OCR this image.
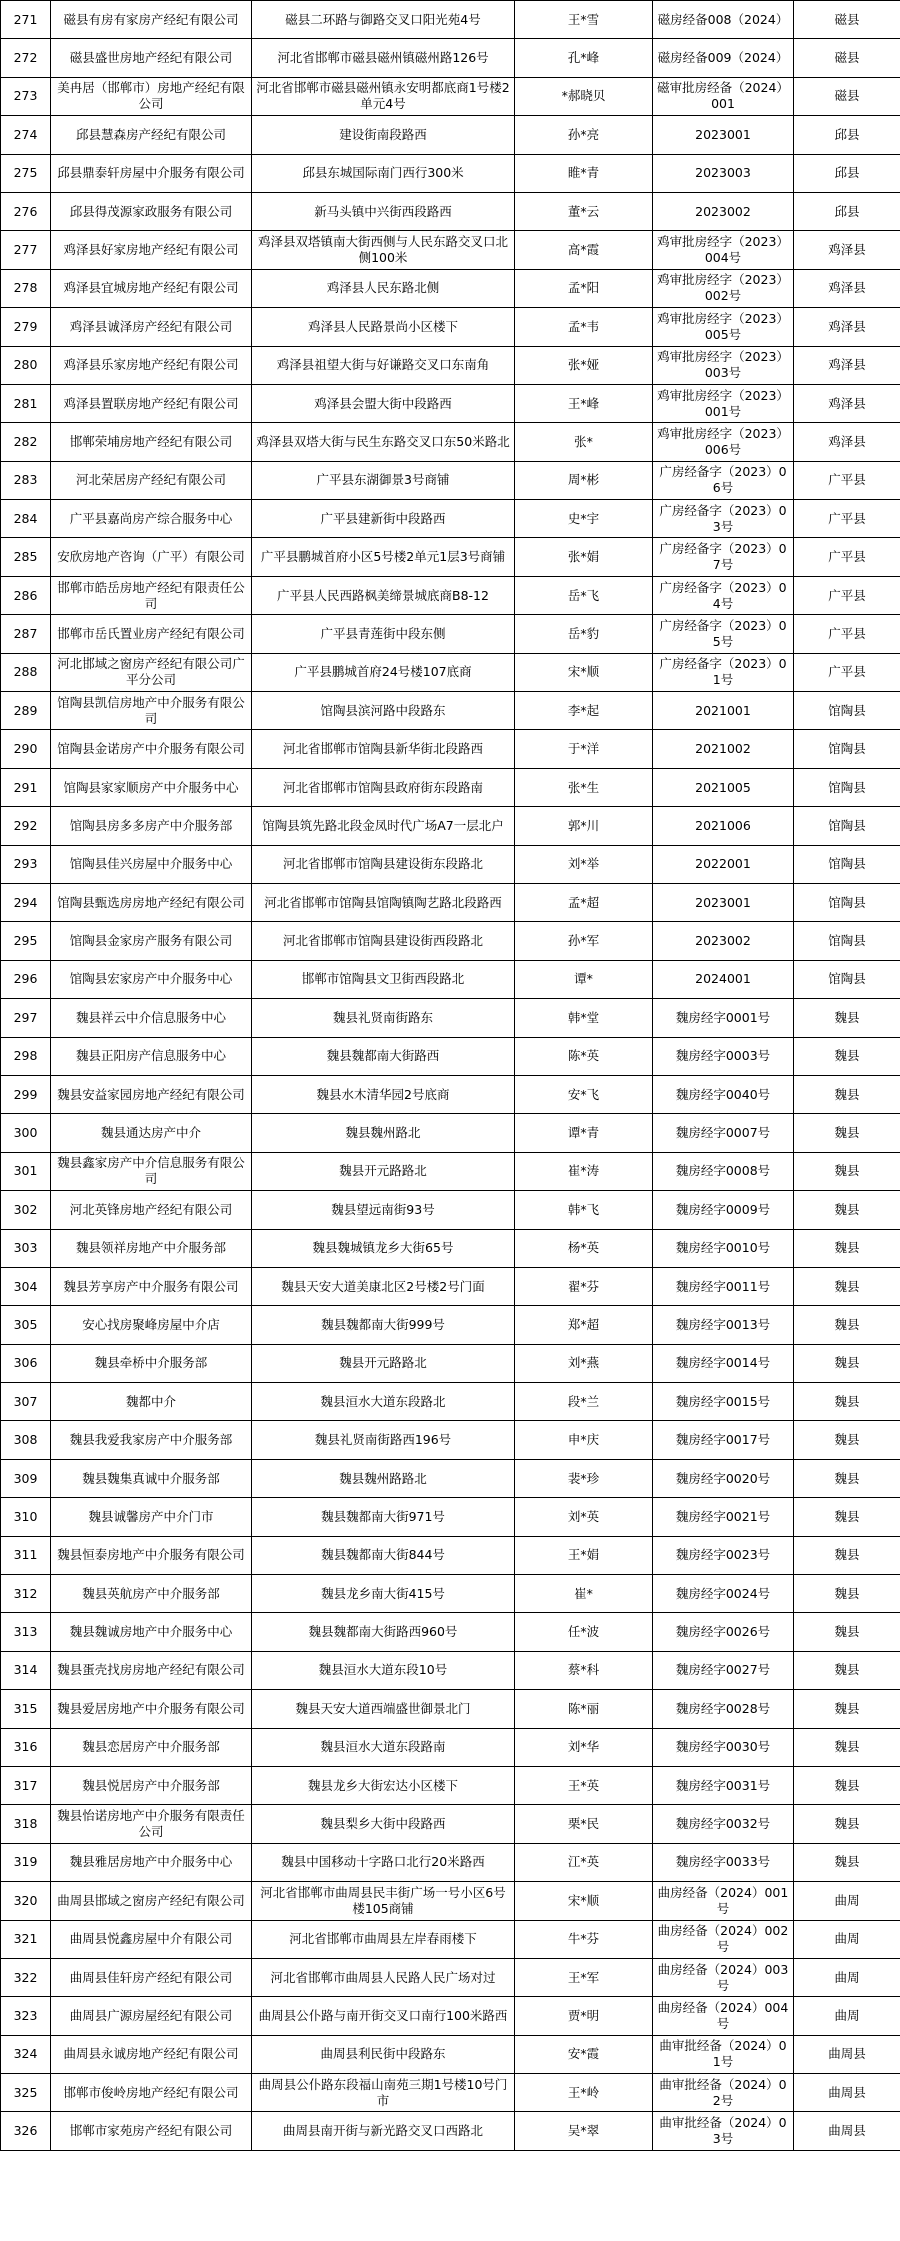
271	磁县有房有家房产经纪有限公司	磁县二环路与御路交叉口阳光苑4号	王*雪	磁房经备008（2024）	磁县
272	磁县盛世房地产经纪有限公司	河北省邯郸市磁县磁州镇磁州路126号	孔*峰	磁房经备009（2024）	磁县
273	美冉居（邯郸市）房地产经纪有限公司	河北省邯郸市磁县磁州镇永安明都底商1号楼2单元4号	*郝晓贝	磁审批房经备（2024）001	磁县
274	邱县慧森房产经纪有限公司	建设街南段路西	孙*亮	2023001	邱县
275	邱县鼎泰轩房屋中介服务有限公司	邱县东城国际南门西行300米	睢*青	2023003	邱县
276	邱县得茂源家政服务有限公司	新马头镇中兴街西段路西	董*云	2023002	邱县
277	鸡泽县好家房地产经纪有限公司	鸡泽县双塔镇南大街西侧与人民东路交叉口北侧100米	高*霞	鸡审批房经字（2023）004号	鸡泽县
278	鸡泽县宜城房地产经纪有限公司	鸡泽县人民东路北侧	孟*阳	鸡审批房经字（2023）002号	鸡泽县
279	鸡泽县诚泽房产经纪有限公司	鸡泽县人民路景尚小区楼下	孟*韦	鸡审批房经字（2023）005号	鸡泽县
280	鸡泽县乐家房地产经纪有限公司	鸡泽县祖望大街与好谦路交叉口东南角	张*娅	鸡审批房经字（2023）003号	鸡泽县
281	鸡泽县置联房地产经纪有限公司	鸡泽县会盟大街中段路西	王*峰	鸡审批房经字（2023）001号	鸡泽县
282	邯郸荣埔房地产经纪有限公司	鸡泽县双塔大街与民生东路交叉口东50米路北	张*	鸡审批房经字（2023）006号	鸡泽县
283	河北荣居房产经纪有限公司	广平县东湖御景3号商铺	周*彬	广房经备字（2023）06号	广平县
284	广平县嘉尚房产综合服务中心	广平县建新街中段路西	史*宇	广房经备字（2023）03号	广平县
285	安欣房地产咨询（广平）有限公司	广平县鹏城首府小区5号楼2单元1层3号商铺	张*娟	广房经备字（2023）07号	广平县
286	邯郸市皓岳房地产经纪有限责任公司	广平县人民西路枫美缔景城底商B8-12	岳*飞	广房经备字（2023）04号	广平县
287	邯郸市岳氏置业房产经纪有限公司	广平县青莲街中段东侧	岳*豹	广房经备字（2023）05号	广平县
288	河北邯域之窗房产经纪有限公司广平分公司	广平县鹏城首府24号楼107底商	宋*顺	广房经备字（2023）01号	广平县
289	馆陶县凯信房地产中介服务有限公司	馆陶县滨河路中段路东	李*起	2021001	馆陶县
290	馆陶县金诺房产中介服务有限公司	河北省邯郸市馆陶县新华街北段路西	于*洋	2021002	馆陶县
291	馆陶县家家顺房产中介服务中心	河北省邯郸市馆陶县政府街东段路南	张*生	2021005	馆陶县
292	馆陶县房多多房产中介服务部	馆陶县筑先路北段金凤时代广场A7一层北户	郭*川	2021006	馆陶县
293	馆陶县佳兴房屋中介服务中心	河北省邯郸市馆陶县建设街东段路北	刘*举	2022001	馆陶县
294	馆陶县甄选房房地产经纪有限公司	河北省邯郸市馆陶县馆陶镇陶艺路北段路西	孟*超	2023001	馆陶县
295	馆陶县金家房产服务有限公司	河北省邯郸市馆陶县建设街西段路北	孙*军	2023002	馆陶县
296	馆陶县宏家房产中介服务中心	邯郸市馆陶县文卫街西段路北	谭*	2024001	馆陶县
297	魏县祥云中介信息服务中心	魏县礼贤南街路东	韩*堂	魏房经字0001号	魏县
298	魏县正阳房产信息服务中心	魏县魏都南大街路西	陈*英	魏房经字0003号	魏县
299	魏县安益家园房地产经纪有限公司	魏县水木清华园2号底商	安*飞	魏房经字0040号	魏县
300	魏县通达房产中介	魏县魏州路北	谭*青	魏房经字0007号	魏县
301	魏县鑫家房产中介信息服务有限公司	魏县开元路路北	崔*涛	魏房经字0008号	魏县
302	河北英锋房地产经纪有限公司	魏县望远南街93号	韩*飞	魏房经字0009号	魏县
303	魏县领祥房地产中介服务部	魏县魏城镇龙乡大街65号	杨*英	魏房经字0010号	魏县
304	魏县芳享房产中介服务有限公司	魏县天安大道美康北区2号楼2号门面	翟*芬	魏房经字0011号	魏县
305	安心找房聚峰房屋中介店	魏县魏都南大街999号	郑*超	魏房经字0013号	魏县
306	魏县牵桥中介服务部	魏县开元路路北	刘*燕	魏房经字0014号	魏县
307	魏都中介	魏县洹水大道东段路北	段*兰	魏房经字0015号	魏县
308	魏县我爱我家房产中介服务部	魏县礼贤南街路西196号	申*庆	魏房经字0017号	魏县
309	魏县魏集真诚中介服务部	魏县魏州路路北	裴*珍	魏房经字0020号	魏县
310	魏县诚馨房产中介门市	魏县魏都南大街971号	刘*英	魏房经字0021号	魏县
311	魏县恒泰房地产中介服务有限公司	魏县魏都南大街844号	王*娟	魏房经字0023号	魏县
312	魏县英航房产中介服务部	魏县龙乡南大街415号	崔*	魏房经字0024号	魏县
313	魏县魏诚房地产中介服务中心	魏县魏都南大街路西960号	任*波	魏房经字0026号	魏县
314	魏县蛋壳找房房地产经纪有限公司	魏县洹水大道东段10号	蔡*科	魏房经字0027号	魏县
315	魏县爱居房地产中介服务有限公司	魏县天安大道西端盛世御景北门	陈*丽	魏房经字0028号	魏县
316	魏县恋居房产中介服务部	魏县洹水大道东段路南	刘*华	魏房经字0030号	魏县
317	魏县悦居房产中介服务部	魏县龙乡大街宏达小区楼下	王*英	魏房经字0031号	魏县
318	魏县怡诺房地产中介服务有限责任公司	魏县梨乡大街中段路西	栗*民	魏房经字0032号	魏县
319	魏县雅居房地产中介服务中心	魏县中国移动十字路口北行20米路西	江*英	魏房经字0033号	魏县
320	曲周县邯域之窗房产经纪有限公司	河北省邯郸市曲周县民丰街广场一号小区6号楼105商铺	宋*顺	曲房经备（2024）001号	曲周
321	曲周县悦鑫房屋中介有限公司	河北省邯郸市曲周县左岸春雨楼下	牛*芬	曲房经备（2024）002号	曲周
322	曲周县佳轩房产经纪有限公司	河北省邯郸市曲周县人民路人民广场对过	王*军	曲房经备（2024）003号	曲周
323	曲周县广源房屋经纪有限公司	曲周县公仆路与南开街交叉口南行100米路西	贾*明	曲房经备（2024）004号	曲周
324	曲周县永诚房地产经纪有限公司	曲周县利民街中段路东	安*霞	曲审批经备（2024）01号	曲周县
325	邯郸市俊岭房地产经纪有限公司	曲周县公仆路东段福山南苑三期1号楼10号门市	王*岭	曲审批经备（2024）02号	曲周县
326	邯郸市家苑房产经纪有限公司	曲周县南开街与新光路交叉口西路北	吴*翠	曲审批经备（2024）03号	曲周县
